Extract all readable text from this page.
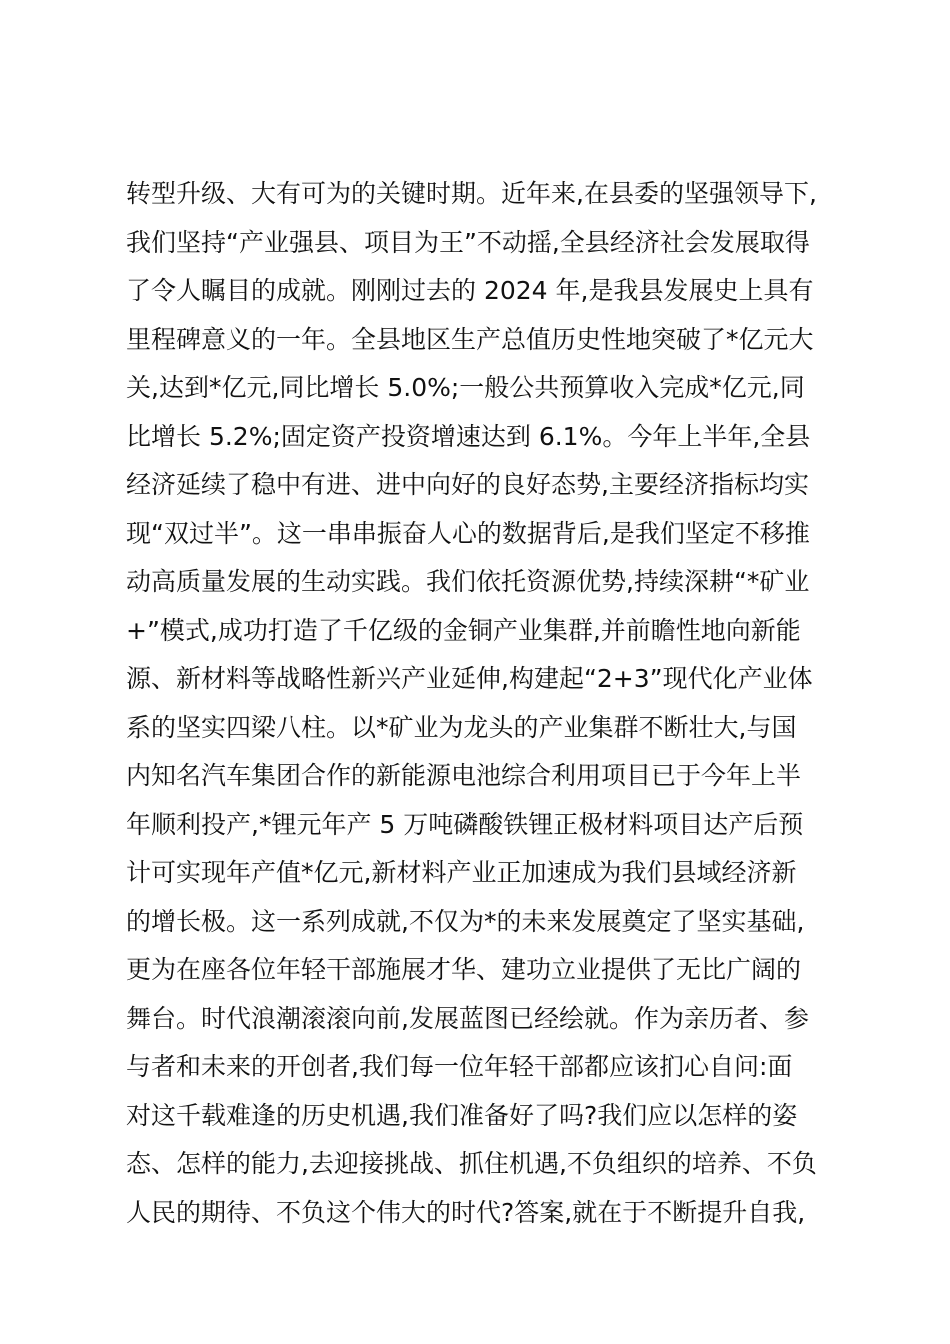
转型升级、大有可为的关键时期。近年来,在县委的坚强领导下,
我们坚持“产业强县、项目为王”不动摇,全县经济社会发展取得
了令人瞩目的成就。刚刚过去的 2024 年,是我县发展史上具有
里程碑意义的一年。全县地区生产总值历史性地突破了*亿元大
关,达到*亿元,同比增长 5.0%;一般公共预算收入完成*亿元,同
比增长 5.2%;固定资产投资增速达到 6.1%。今年上半年,全县
经济延续了稳中有进、进中向好的良好态势,主要经济指标均实
现“双过半”。这一串串振奋人心的数据背后,是我们坚定不移推
动高质量发展的生动实践。我们依托资源优势,持续深耕“*矿业
+”模式,成功打造了千亿级的金铜产业集群,并前瞻性地向新能
源、新材料等战略性新兴产业延伸,构建起“2+3”现代化产业体
系的坚实四梁八柱。以*矿业为龙头的产业集群不断壮大,与国
内知名汽车集团合作的新能源电池综合利用项目已于今年上半
年顺利投产,*锂元年产 5 万吨磷酸铁锂正极材料项目达产后预
计可实现年产值*亿元,新材料产业正加速成为我们县域经济新
的增长极。这一系列成就,不仅为*的未来发展奠定了坚实基础,
更为在座各位年轻干部施展才华、建功立业提供了无比广阔的
舞台。时代浪潮滚滚向前,发展蓝图已经绘就。作为亲历者、参
与者和未来的开创者,我们每一位年轻干部都应该扪心自问:面
对这千载难逢的历史机遇,我们准备好了吗?我们应以怎样的姿
态、怎样的能力,去迎接挑战、抓住机遇,不负组织的培养、不负
人民的期待、不负这个伟大的时代?答案,就在于不断提升自我,
